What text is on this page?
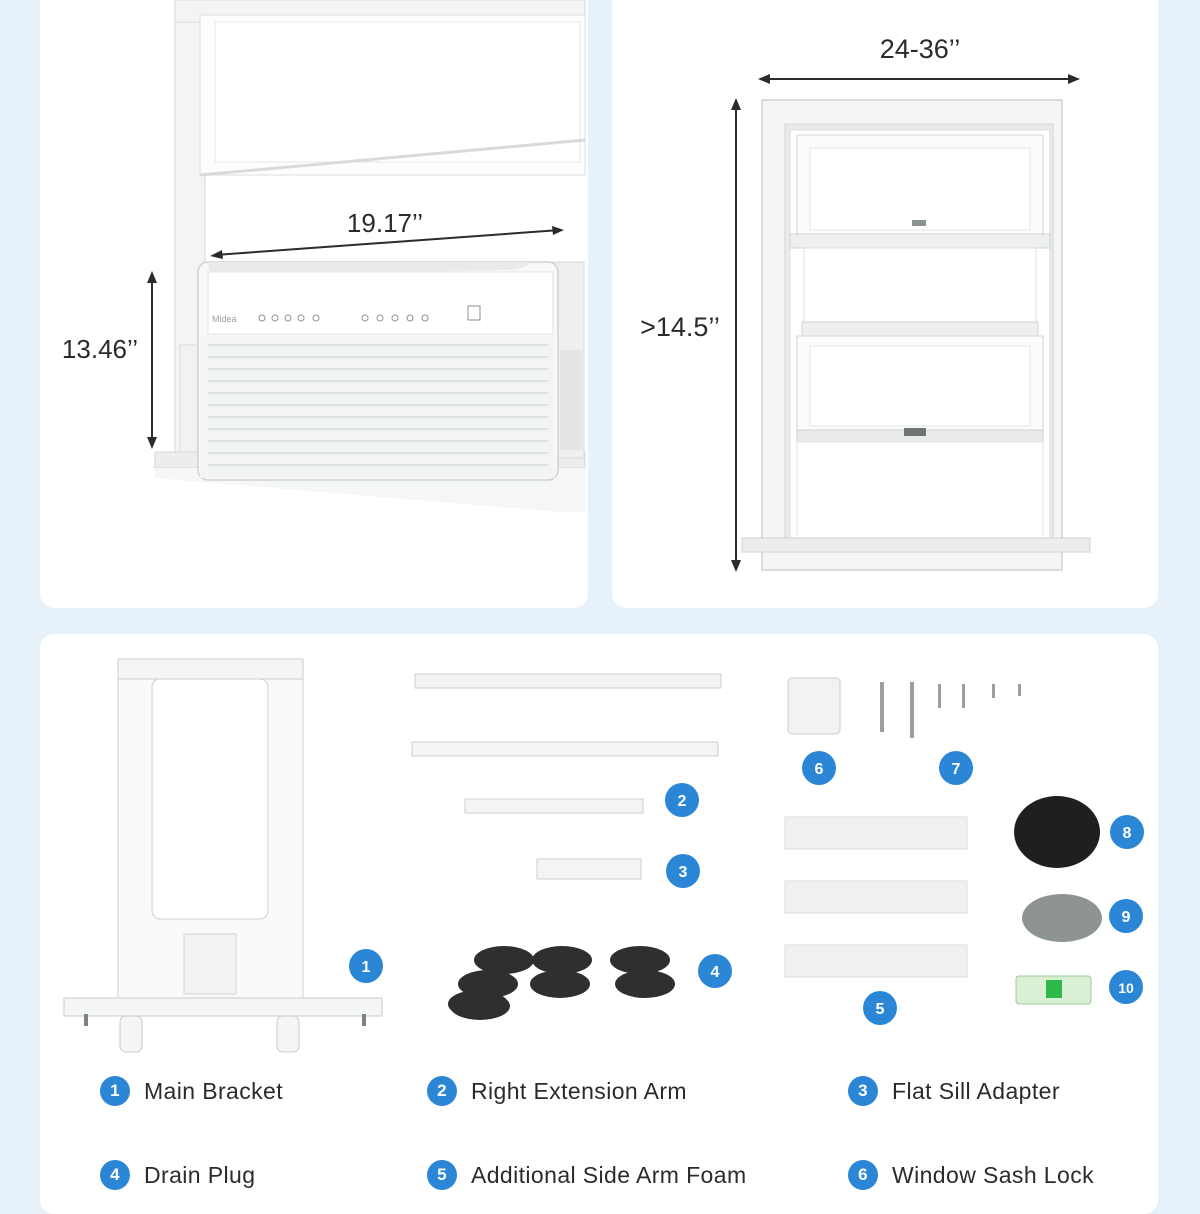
Midea
19.17’’
13.46’’
24-36’’
>14.5’’
1
2
3
4
5
6	7
8
9
10
1	Main Bracket	2	Right Extension Arm	3	Flat Sill Adapter
4	Drain Plug	5	Additional Side Arm Foam	6	Window Sash Lock
